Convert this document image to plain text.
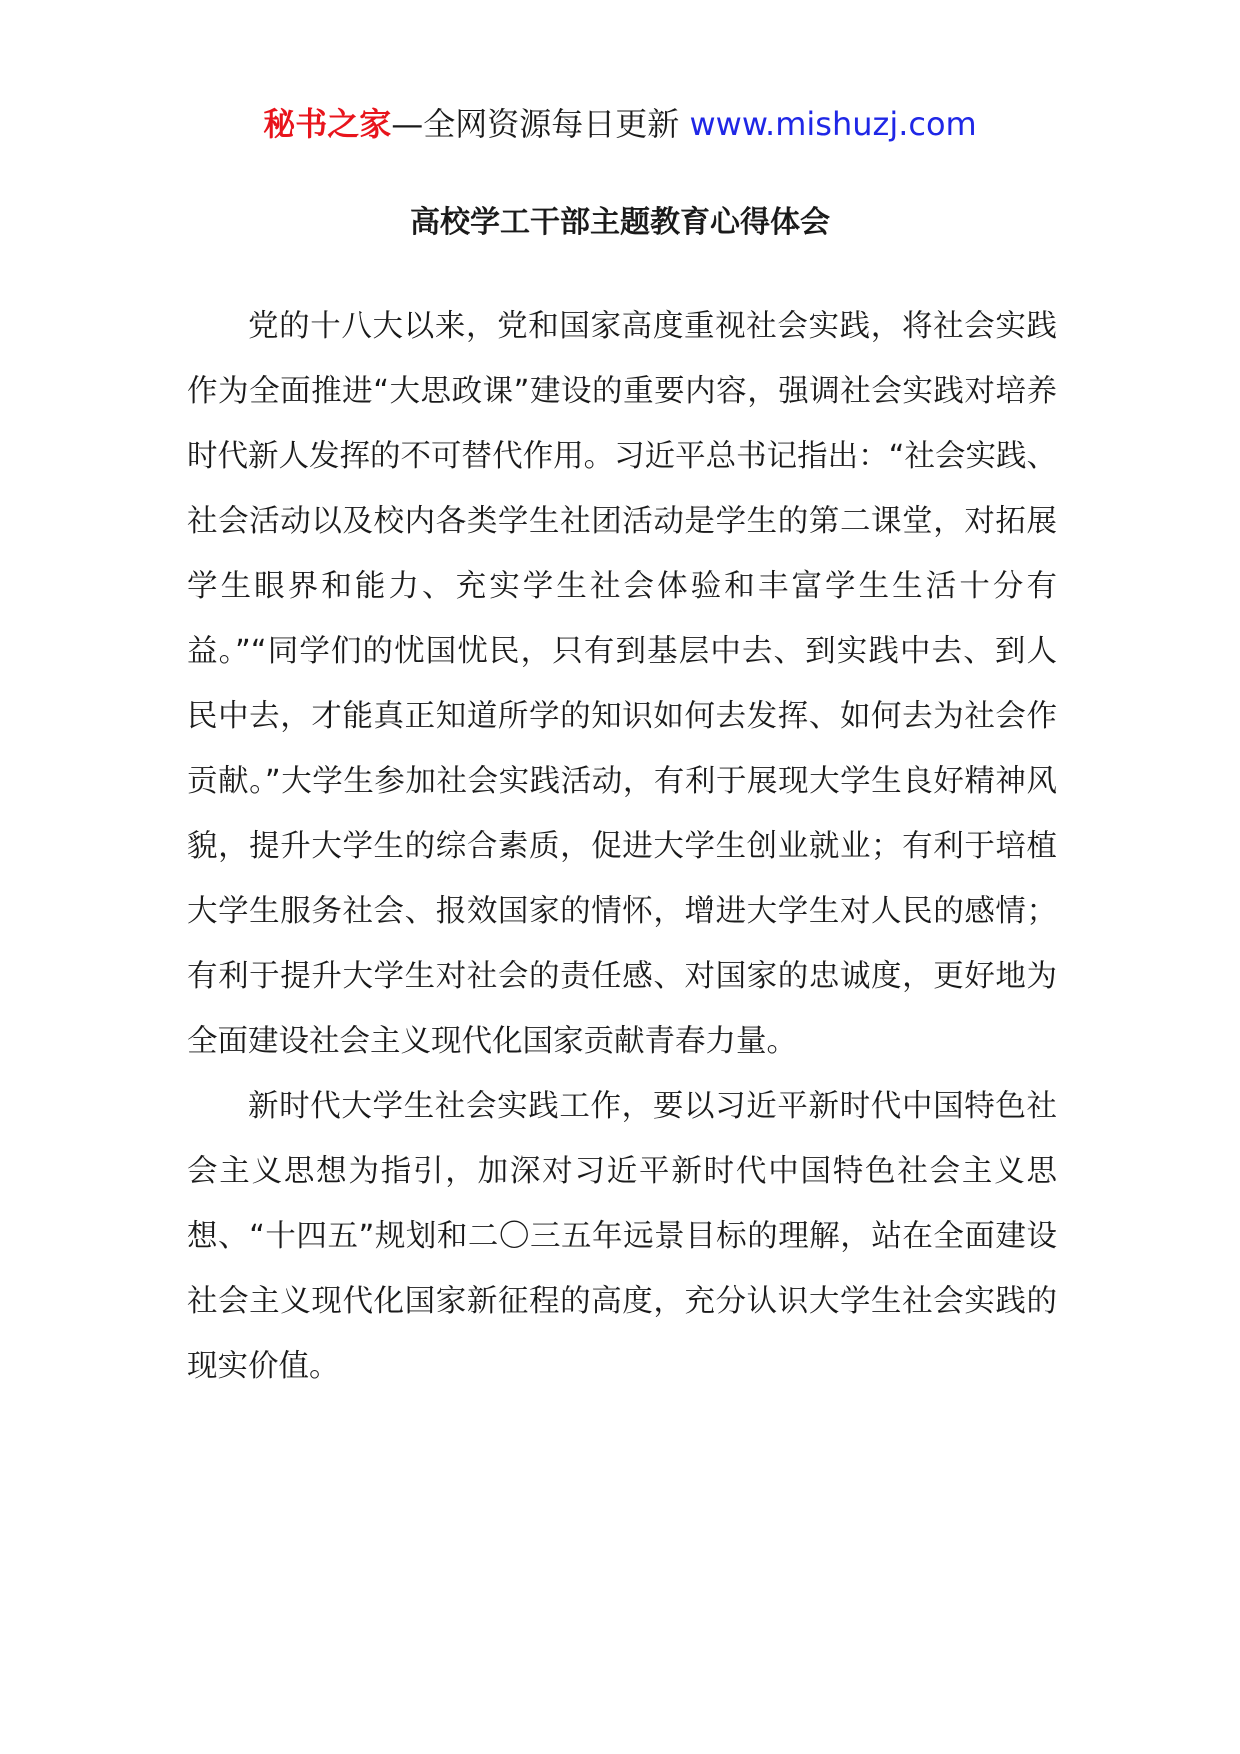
秘书之家—全网资源每日更新 www.mishuzj.com
高校学工干部主题教育心得体会

党的十八大以来，党和国家高度重视社会实践，将社会实践作为全面推进“大思政课”建设的重要内容，强调社会实践对培养时代新人发挥的不可替代作用。习近平总书记指出：“社会实践、社会活动以及校内各类学生社团活动是学生的第二课堂，对拓展学生眼界和能力、充实学生社会体验和丰富学生生活十分有益。”“同学们的忧国忧民，只有到基层中去、到实践中去、到人民中去，才能真正知道所学的知识如何去发挥、如何去为社会作贡献。”大学生参加社会实践活动，有利于展现大学生良好精神风貌，提升大学生的综合素质，促进大学生创业就业；有利于培植大学生服务社会、报效国家的情怀，增进大学生对人民的感情；有利于提升大学生对社会的责任感、对国家的忠诚度，更好地为全面建设社会主义现代化国家贡献青春力量。

新时代大学生社会实践工作，要以习近平新时代中国特色社会主义思想为指引，加深对习近平新时代中国特色社会主义思想、“十四五”规划和二〇三五年远景目标的理解，站在全面建设社会主义现代化国家新征程的高度，充分认识大学生社会实践的现实价值。
